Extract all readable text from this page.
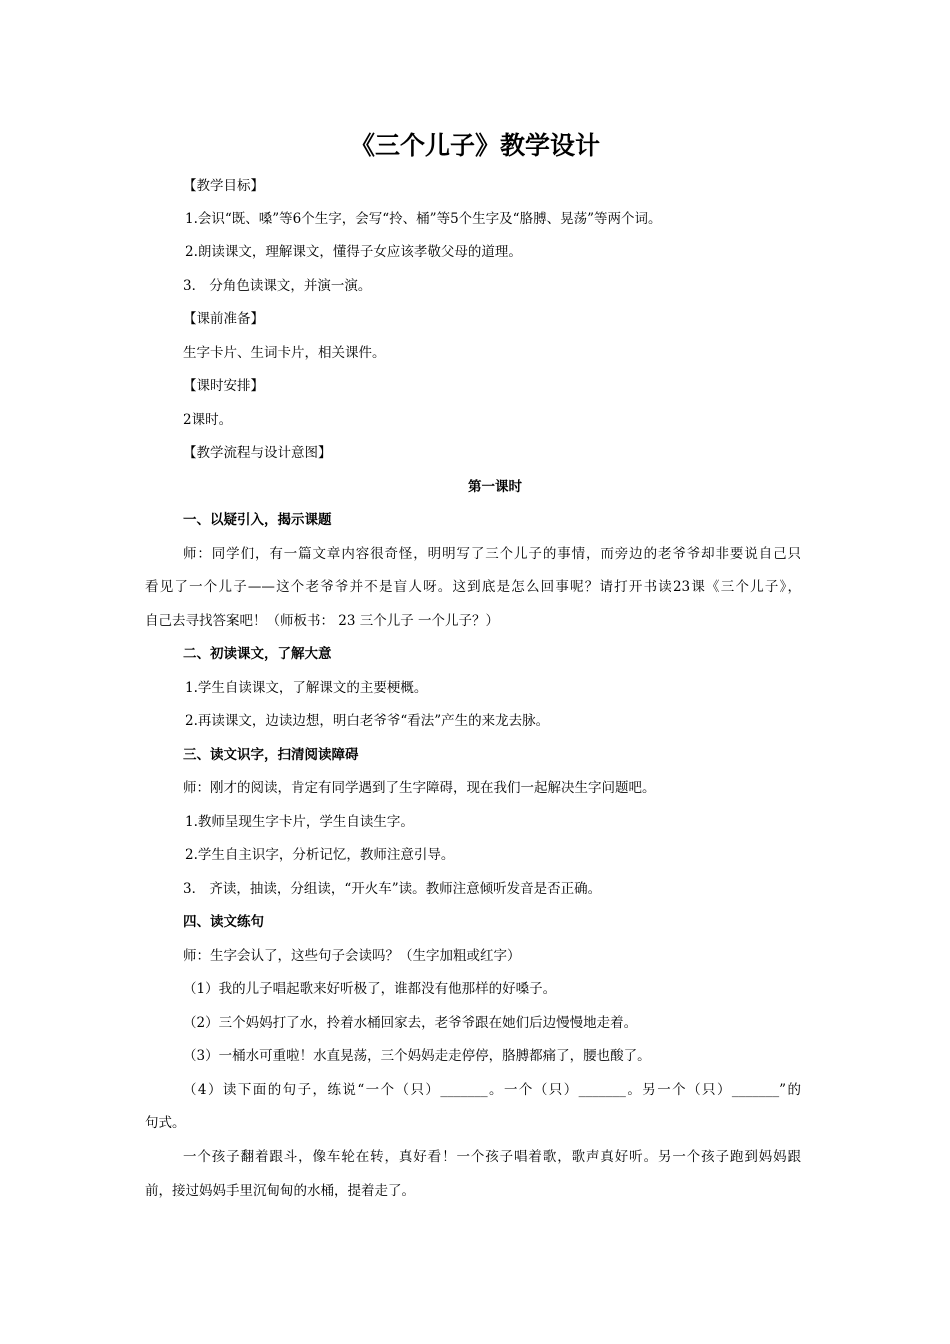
《三个儿子》教学设计
【教学目标】
1.会识“既、嗓”等6个生字，会写“拎、桶”等5个生字及“胳膊、晃荡”等两个词。
2.朗读课文，理解课文，懂得子女应该孝敬父母的道理。
3． 分角色读课文，并演一演。
【课前准备】
生字卡片、生词卡片，相关课件。
【课时安排】
2课时。
【教学流程与设计意图】
第一课时
一、以疑引入，揭示课题
师：同学们，有一篇文章内容很奇怪，明明写了三个儿子的事情，而旁边的老爷爷却非要说自己只
看见了一个儿子——这个老爷爷并不是盲人呀。这到底是怎么回事呢？请打开书读23课《三个儿子》，
自己去寻找答案吧！（师板书： 23 三个儿子 一个儿子？）
二、初读课文，了解大意
1.学生自读课文，了解课文的主要梗概。
2.再读课文，边读边想，明白老爷爷“看法”产生的来龙去脉。
三、读文识字，扫清阅读障碍
师：刚才的阅读，肯定有同学遇到了生字障碍，现在我们一起解决生字问题吧。
1.教师呈现生字卡片，学生自读生字。
2.学生自主识字，分析记忆，教师注意引导。
3． 齐读，抽读，分组读，“开火车”读。教师注意倾听发音是否正确。
四、读文练句
师：生字会认了，这些句子会读吗？（生字加粗或红字）
（1）我的儿子唱起歌来好听极了，谁都没有他那样的好嗓子。
（2）三个妈妈打了水，拎着水桶回家去，老爷爷跟在她们后边慢慢地走着。
（3）一桶水可重啦！水直晃荡，三个妈妈走走停停，胳膊都痛了，腰也酸了。
（4）读下面的句子，练说“一个（只）_______。一个（只）_______。另一个（只）_______”的
句式。
一个孩子翻着跟斗，像车轮在转，真好看！一个孩子唱着歌，歌声真好听。另一个孩子跑到妈妈跟
前，接过妈妈手里沉甸甸的水桶，提着走了。
